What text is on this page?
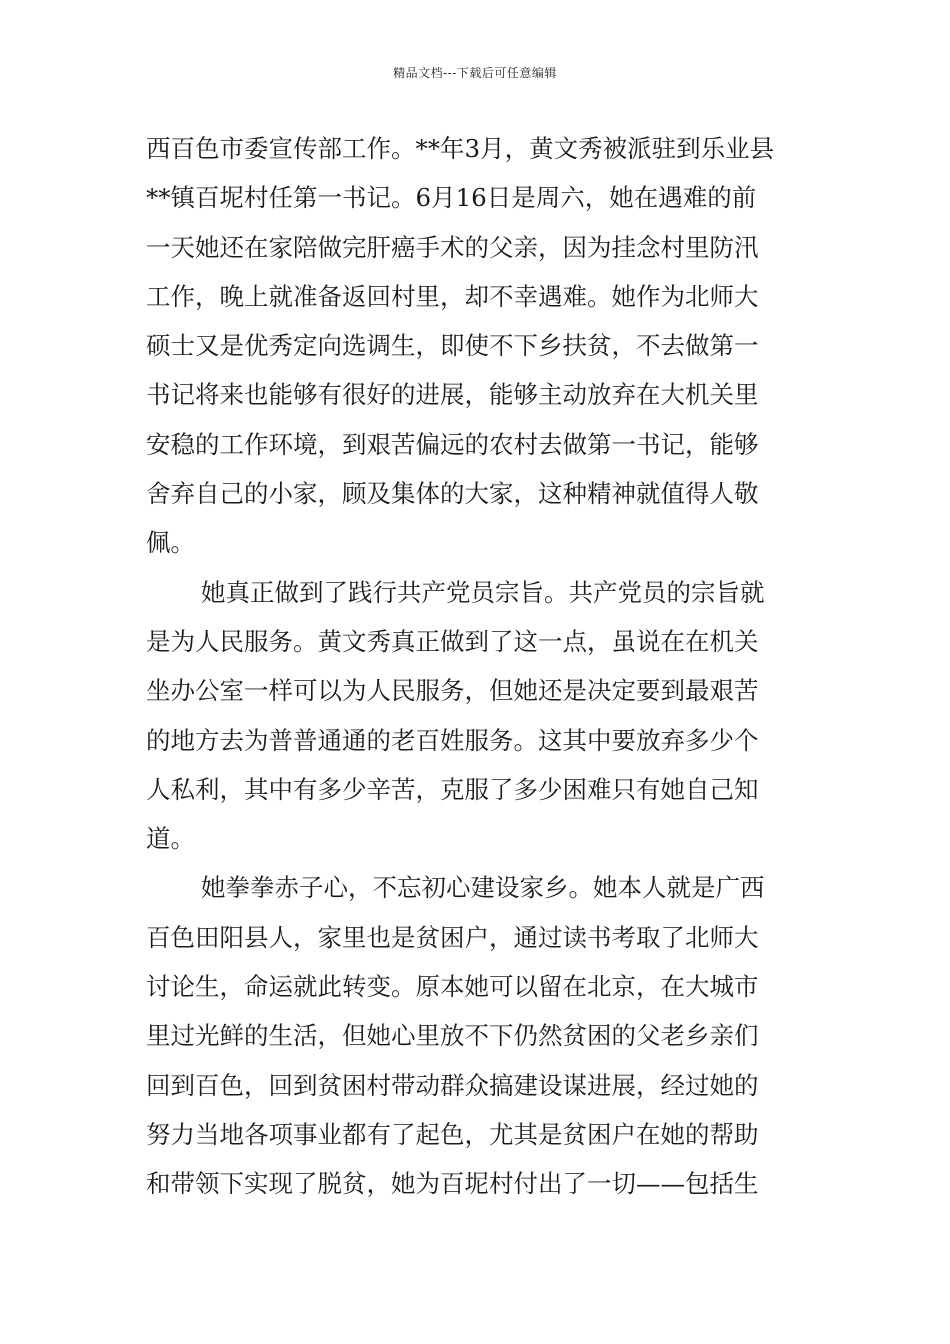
精品文档---下载后可任意编辑
西百色市委宣传部工作。**年3月，黄文秀被派驻到乐业县
**镇百坭村任第一书记。6月16日是周六，她在遇难的前
一天她还在家陪做完肝癌手术的父亲，因为挂念村里防汛
工作，晚上就准备返回村里，却不幸遇难。她作为北师大
硕士又是优秀定向选调生，即使不下乡扶贫，不去做第一
书记将来也能够有很好的进展，能够主动放弃在大机关里
安稳的工作环境，到艰苦偏远的农村去做第一书记，能够
舍弃自己的小家，顾及集体的大家，这种精神就值得人敬
佩。
她真正做到了践行共产党员宗旨。共产党员的宗旨就
是为人民服务。黄文秀真正做到了这一点，虽说在在机关
坐办公室一样可以为人民服务，但她还是决定要到最艰苦
的地方去为普普通通的老百姓服务。这其中要放弃多少个
人私利，其中有多少辛苦，克服了多少困难只有她自己知
道。
她拳拳赤子心，不忘初心建设家乡。她本人就是广西
百色田阳县人，家里也是贫困户，通过读书考取了北师大
讨论生，命运就此转变。原本她可以留在北京，在大城市
里过光鲜的生活，但她心里放不下仍然贫困的父老乡亲们
回到百色，回到贫困村带动群众搞建设谋进展，经过她的
努力当地各项事业都有了起色，尤其是贫困户在她的帮助
和带领下实现了脱贫，她为百坭村付出了一切——包括生
